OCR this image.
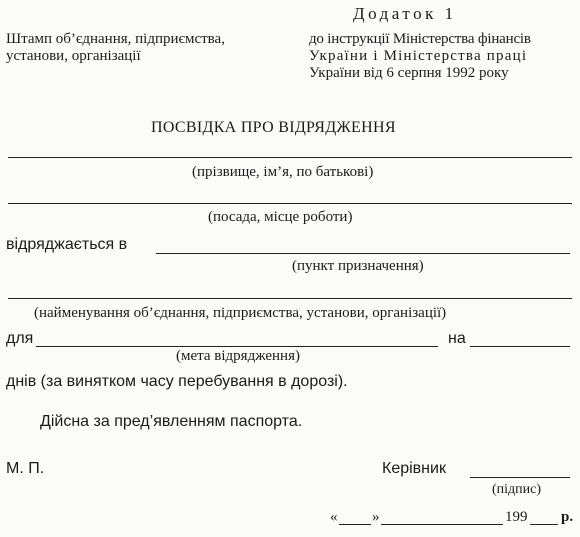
Додаток 1
Штамп об’єднання, підприємства,
установи, організації
до інструкції Міністерства фінансів
України і Міністерства праці
України від 6 серпня 1992 року
ПОСВІДКА ПРО ВІДРЯДЖЕННЯ
(прізвище, ім’я, по батькові)
(посада, місце роботи)
відряджається в
(пункт призначення)
(найменування об’єднання, підприємства, установи, організації)
для	на
(мета відрядження)
днів (за винятком часу перебування в дорозі).
Дійсна за пред’явленням паспорта.
М. П.	Керівник
(підпис)
« »	199 р.
